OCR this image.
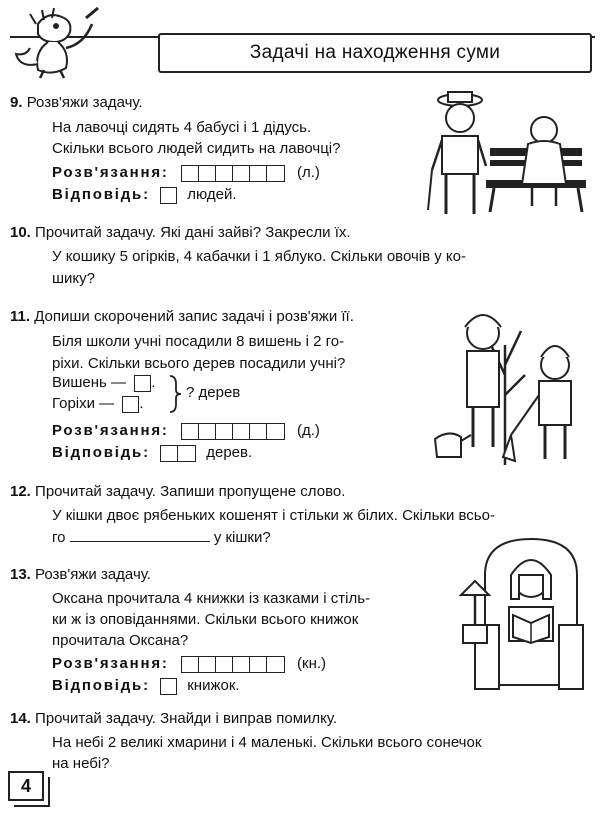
Задачі на находження суми
9. Розв'яжи задачу.
На лавочці сидять 4 бабусі і 1 дідусь.
Скільки всього людей сидить на лавочці?
Розв'язання:	(л.)
Відповідь: людей.
10. Прочитай задачу. Які дані зайві? Закресли їх.
У кошику 5 огірків, 4 кабачки і 1 яблуко. Скільки овочів у ко-
шику?
11. Допиши скорочений запис задачі і розв'яжи її.
Біля школи учні посадили 8 вишень і 2 го-
ріхи. Скільки всього дерев посадили учні?
Вишень — .
Горіхи — .
? дерев
Розв'язання:	(д.)
Відповідь:	дерев.
12. Прочитай задачу. Запиши пропущене слово.
У кішки двоє рябеньких кошенят і стільки ж білих. Скільки всьо-
го	у кішки?
13. Розв'яжи задачу.
Оксана прочитала 4 книжки із казками і стіль-
ки ж із оповіданнями. Скільки всього книжок
прочитала Оксана?
Розв'язання:	(кн.)
Відповідь: книжок.
14. Прочитай задачу. Знайди і виправ помилку.
На небі 2 великі хмарини і 4 маленькі. Скільки всього сонечок
на небі?
4
